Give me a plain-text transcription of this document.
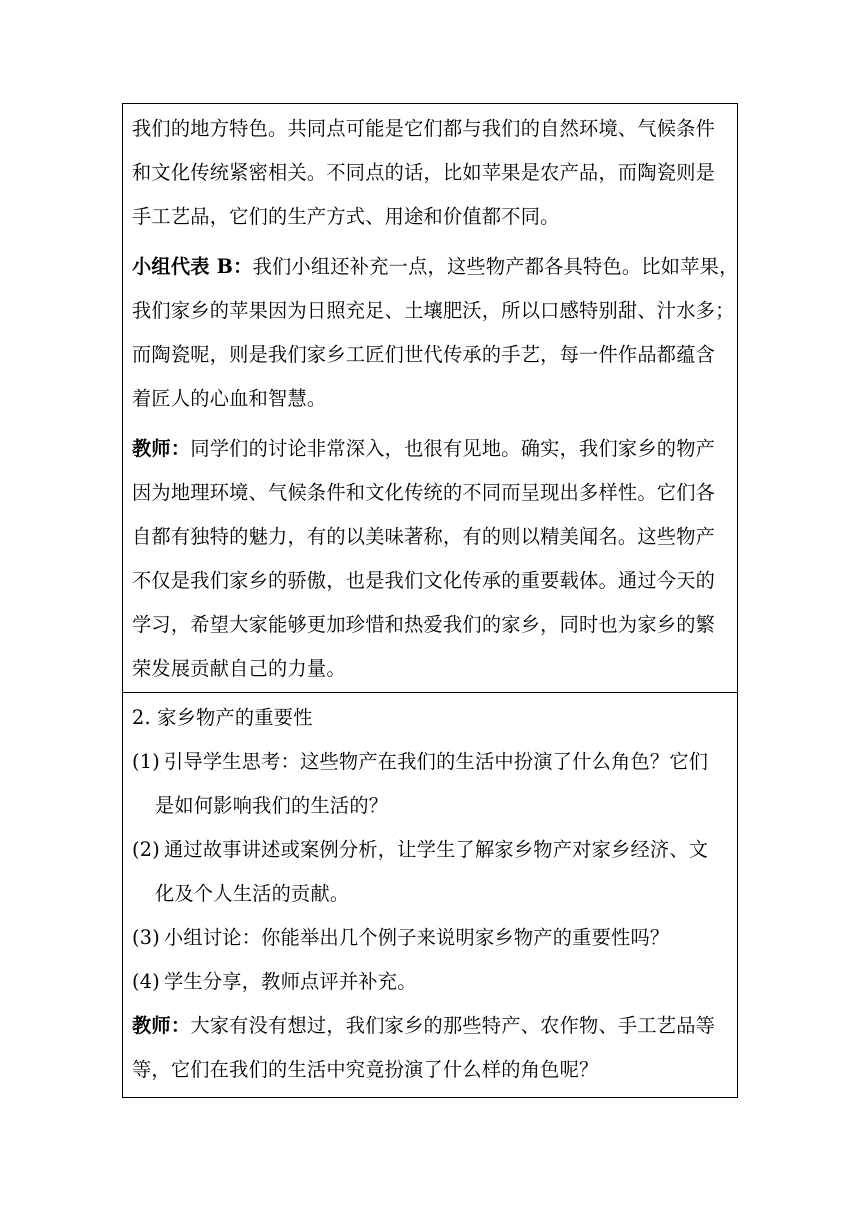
我们的地方特色。共同点可能是它们都与我们的自然环境、气候条件
和文化传统紧密相关。不同点的话，比如苹果是农产品，而陶瓷则是
手工艺品，它们的生产方式、用途和价值都不同。
小组代表 B：我们小组还补充一点，这些物产都各具特色。比如苹果，
我们家乡的苹果因为日照充足、土壤肥沃，所以口感特别甜、汁水多；
而陶瓷呢，则是我们家乡工匠们世代传承的手艺，每一件作品都蕴含
着匠人的心血和智慧。
教师：同学们的讨论非常深入，也很有见地。确实，我们家乡的物产
因为地理环境、气候条件和文化传统的不同而呈现出多样性。它们各
自都有独特的魅力，有的以美味著称，有的则以精美闻名。这些物产
不仅是我们家乡的骄傲，也是我们文化传承的重要载体。通过今天的
学习，希望大家能够更加珍惜和热爱我们的家乡，同时也为家乡的繁
荣发展贡献自己的力量。
2. 家乡物产的重要性
(1) 引导学生思考：这些物产在我们的生活中扮演了什么角色？它们
是如何影响我们的生活的？
(2) 通过故事讲述或案例分析，让学生了解家乡物产对家乡经济、文
化及个人生活的贡献。
(3) 小组讨论：你能举出几个例子来说明家乡物产的重要性吗？
(4) 学生分享，教师点评并补充。
教师：大家有没有想过，我们家乡的那些特产、农作物、手工艺品等
等，它们在我们的生活中究竟扮演了什么样的角色呢？
